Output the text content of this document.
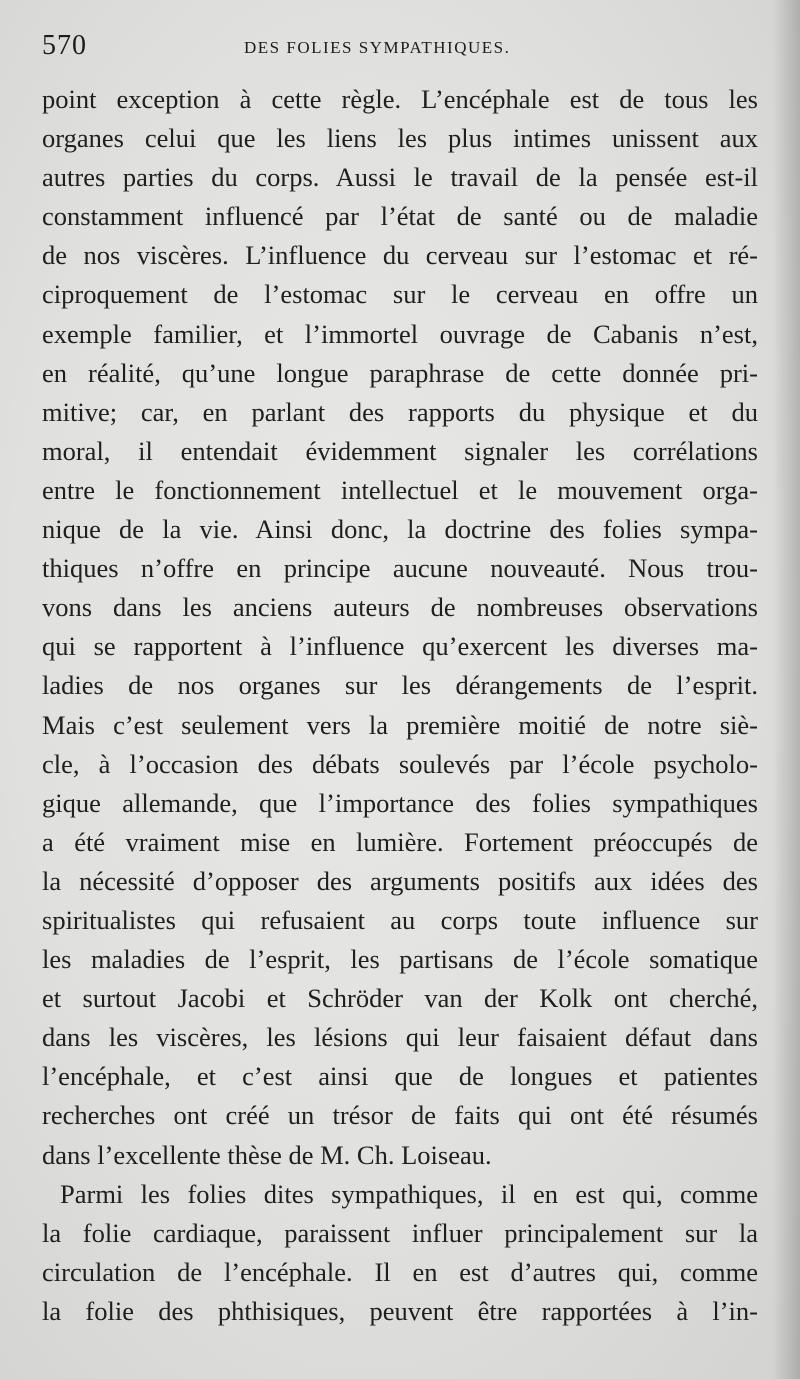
570	DES FOLIES SYMPATHIQUES.
point exception à cette règle. L’encéphale est de tous les
organes celui que les liens les plus intimes unissent aux
autres parties du corps. Aussi le travail de la pensée est-il
constamment influencé par l’état de santé ou de maladie
de nos viscères. L’influence du cerveau sur l’estomac et ré-
ciproquement de l’estomac sur le cerveau en offre un
exemple familier, et l’immortel ouvrage de Cabanis n’est,
en réalité, qu’une longue paraphrase de cette donnée pri-
mitive; car, en parlant des rapports du physique et du
moral, il entendait évidemment signaler les corrélations
entre le fonctionnement intellectuel et le mouvement orga-
nique de la vie. Ainsi donc, la doctrine des folies sympa-
thiques n’offre en principe aucune nouveauté. Nous trou-
vons dans les anciens auteurs de nombreuses observations
qui se rapportent à l’influence qu’exercent les diverses ma-
ladies de nos organes sur les dérangements de l’esprit.
Mais c’est seulement vers la première moitié de notre siè-
cle, à l’occasion des débats soulevés par l’école psycholo-
gique allemande, que l’importance des folies sympathiques
a été vraiment mise en lumière. Fortement préoccupés de
la nécessité d’opposer des arguments positifs aux idées des
spiritualistes qui refusaient au corps toute influence sur
les maladies de l’esprit, les partisans de l’école somatique
et surtout Jacobi et Schröder van der Kolk ont cherché,
dans les viscères, les lésions qui leur faisaient défaut dans
l’encéphale, et c’est ainsi que de longues et patientes
recherches ont créé un trésor de faits qui ont été résumés
dans l’excellente thèse de M. Ch. Loiseau.
Parmi les folies dites sympathiques, il en est qui, comme
la folie cardiaque, paraissent influer principalement sur la
circulation de l’encéphale. Il en est d’autres qui, comme
la folie des phthisiques, peuvent être rapportées à l’in-
